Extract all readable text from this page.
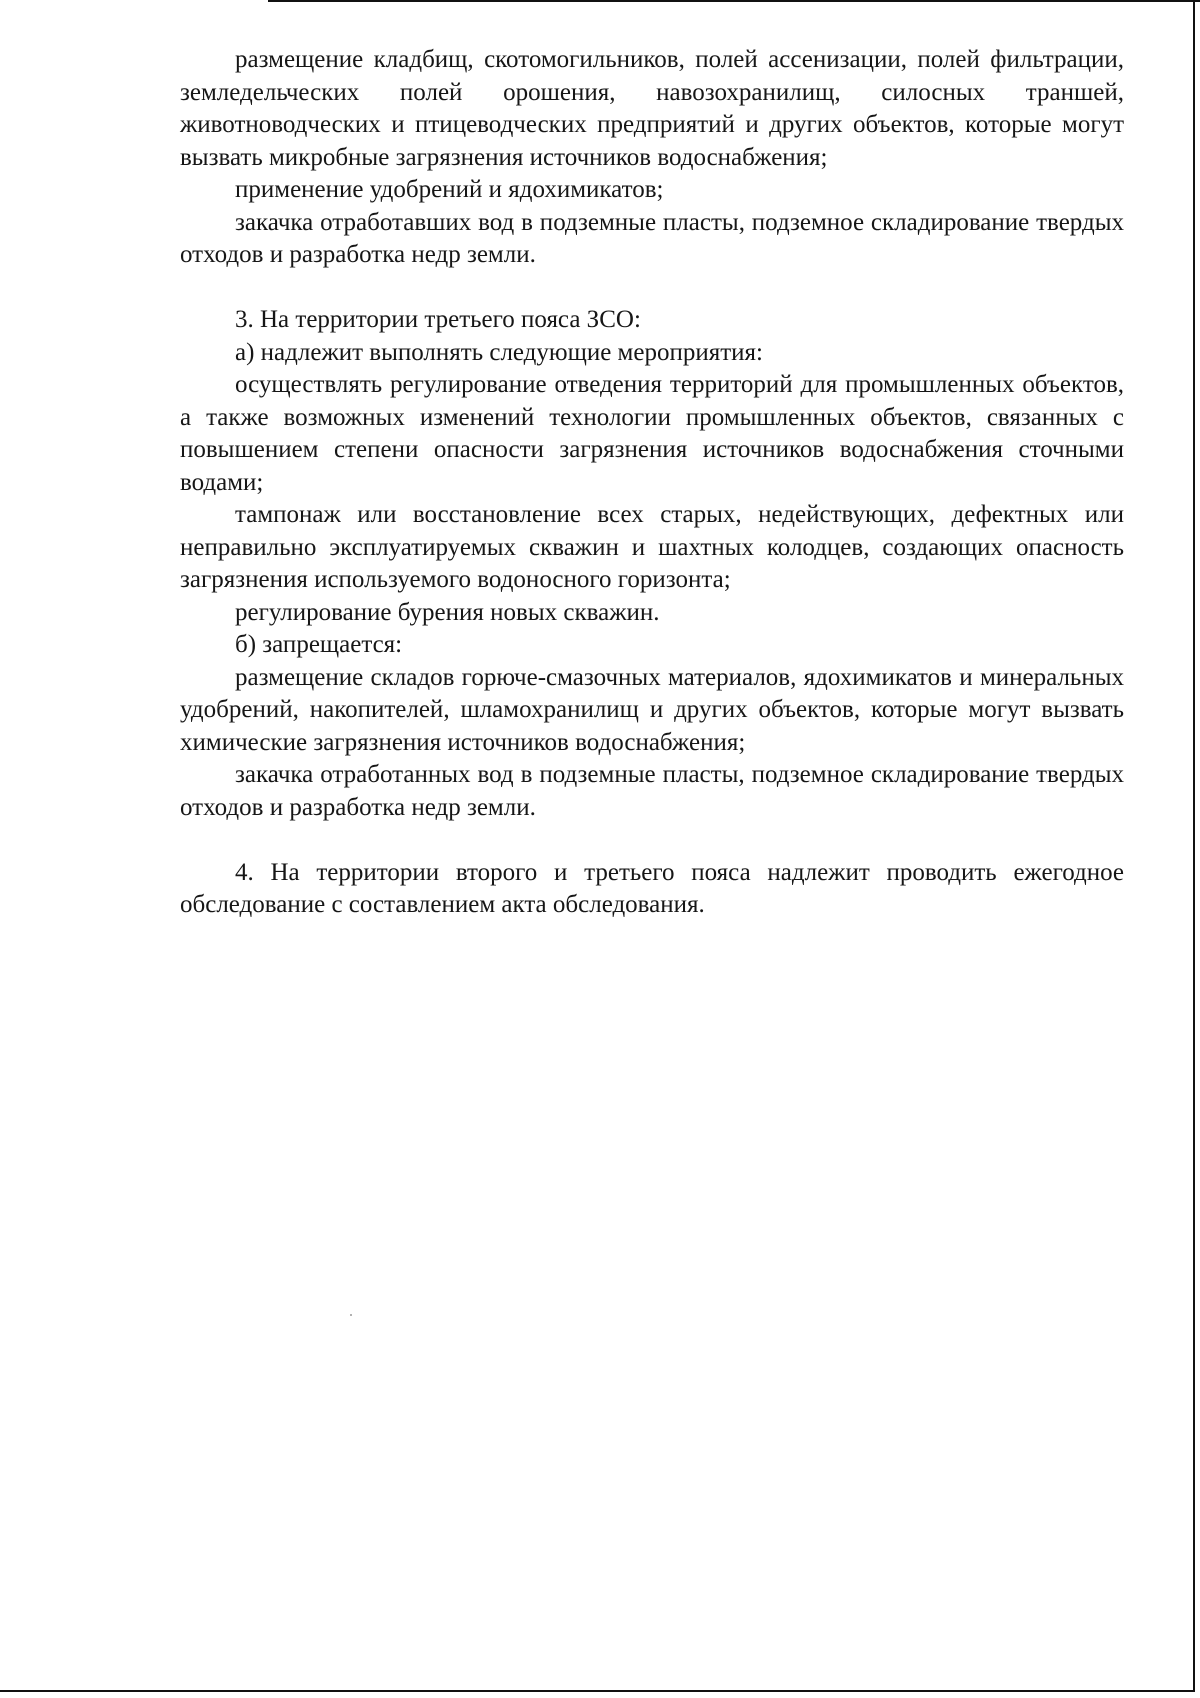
размещение кладбищ, скотомогильников, полей ассенизации, полей фильтрации, земледельческих полей орошения, навозохранилищ, силосных траншей, животноводческих и птицеводческих предприятий и других объектов, которые могут вызвать микробные загрязнения источников водоснабжения;

применение удобрений и ядохимикатов;

закачка отработавших вод в подземные пласты, подземное складирование твердых отходов и разработка недр земли.

3. На территории третьего пояса ЗСО:

а) надлежит выполнять следующие мероприятия:

осуществлять регулирование отведения территорий для промышленных объектов, а также возможных изменений технологии промышленных объектов, связанных с повышением степени опасности загрязнения источников водоснабжения сточными водами;

тампонаж или восстановление всех старых, недействующих, дефектных или неправильно эксплуатируемых скважин и шахтных колодцев, создающих опасность загрязнения используемого водоносного горизонта;

регулирование бурения новых скважин.

б) запрещается:

размещение складов горюче-смазочных материалов, ядохимикатов и минеральных удобрений, накопителей, шламохранилищ и других объектов, которые могут вызвать химические загрязнения источников водоснабжения;

закачка отработанных вод в подземные пласты, подземное складирование твердых отходов и разработка недр земли.

4. На территории второго и третьего пояса надлежит проводить ежегодное обследование с составлением акта обследования.
